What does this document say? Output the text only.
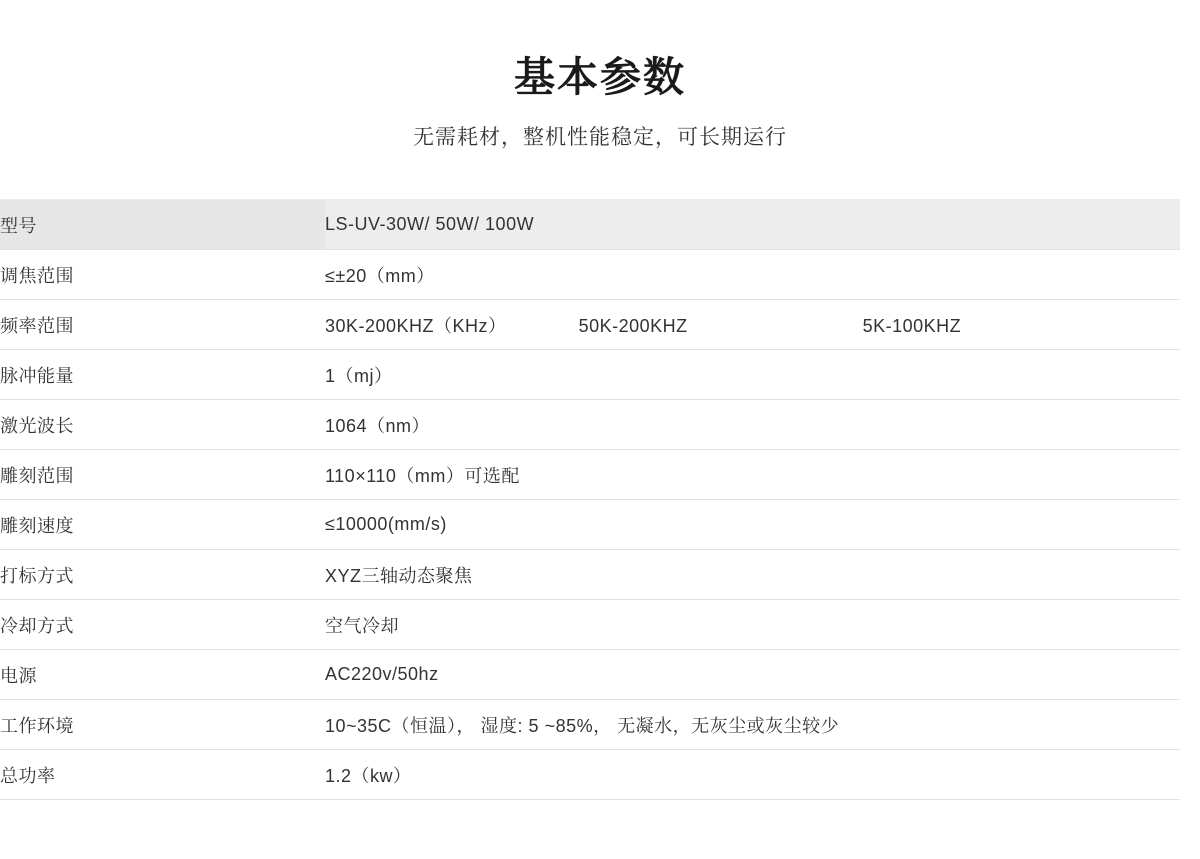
基本参数
无需耗材，整机性能稳定，可长期运行
型号	LS-UV-30W/ 50W/ 100W
调焦范围	≤±20（mm）
频率范围	30K-200KHZ（KHz） 50K-200KHZ 5K-100KHZ
脉冲能量	1（mj）
激光波长	1064（nm）
雕刻范围	110×110（mm）可选配
雕刻速度	≤10000(mm/s)
打标方式	XYZ三轴动态聚焦
冷却方式	空气冷却
电源	AC220v/50hz
工作环境	10~35C（恒温）， 湿度: 5 ~85%， 无凝水，无灰尘或灰尘较少
总功率	1.2（kw）
